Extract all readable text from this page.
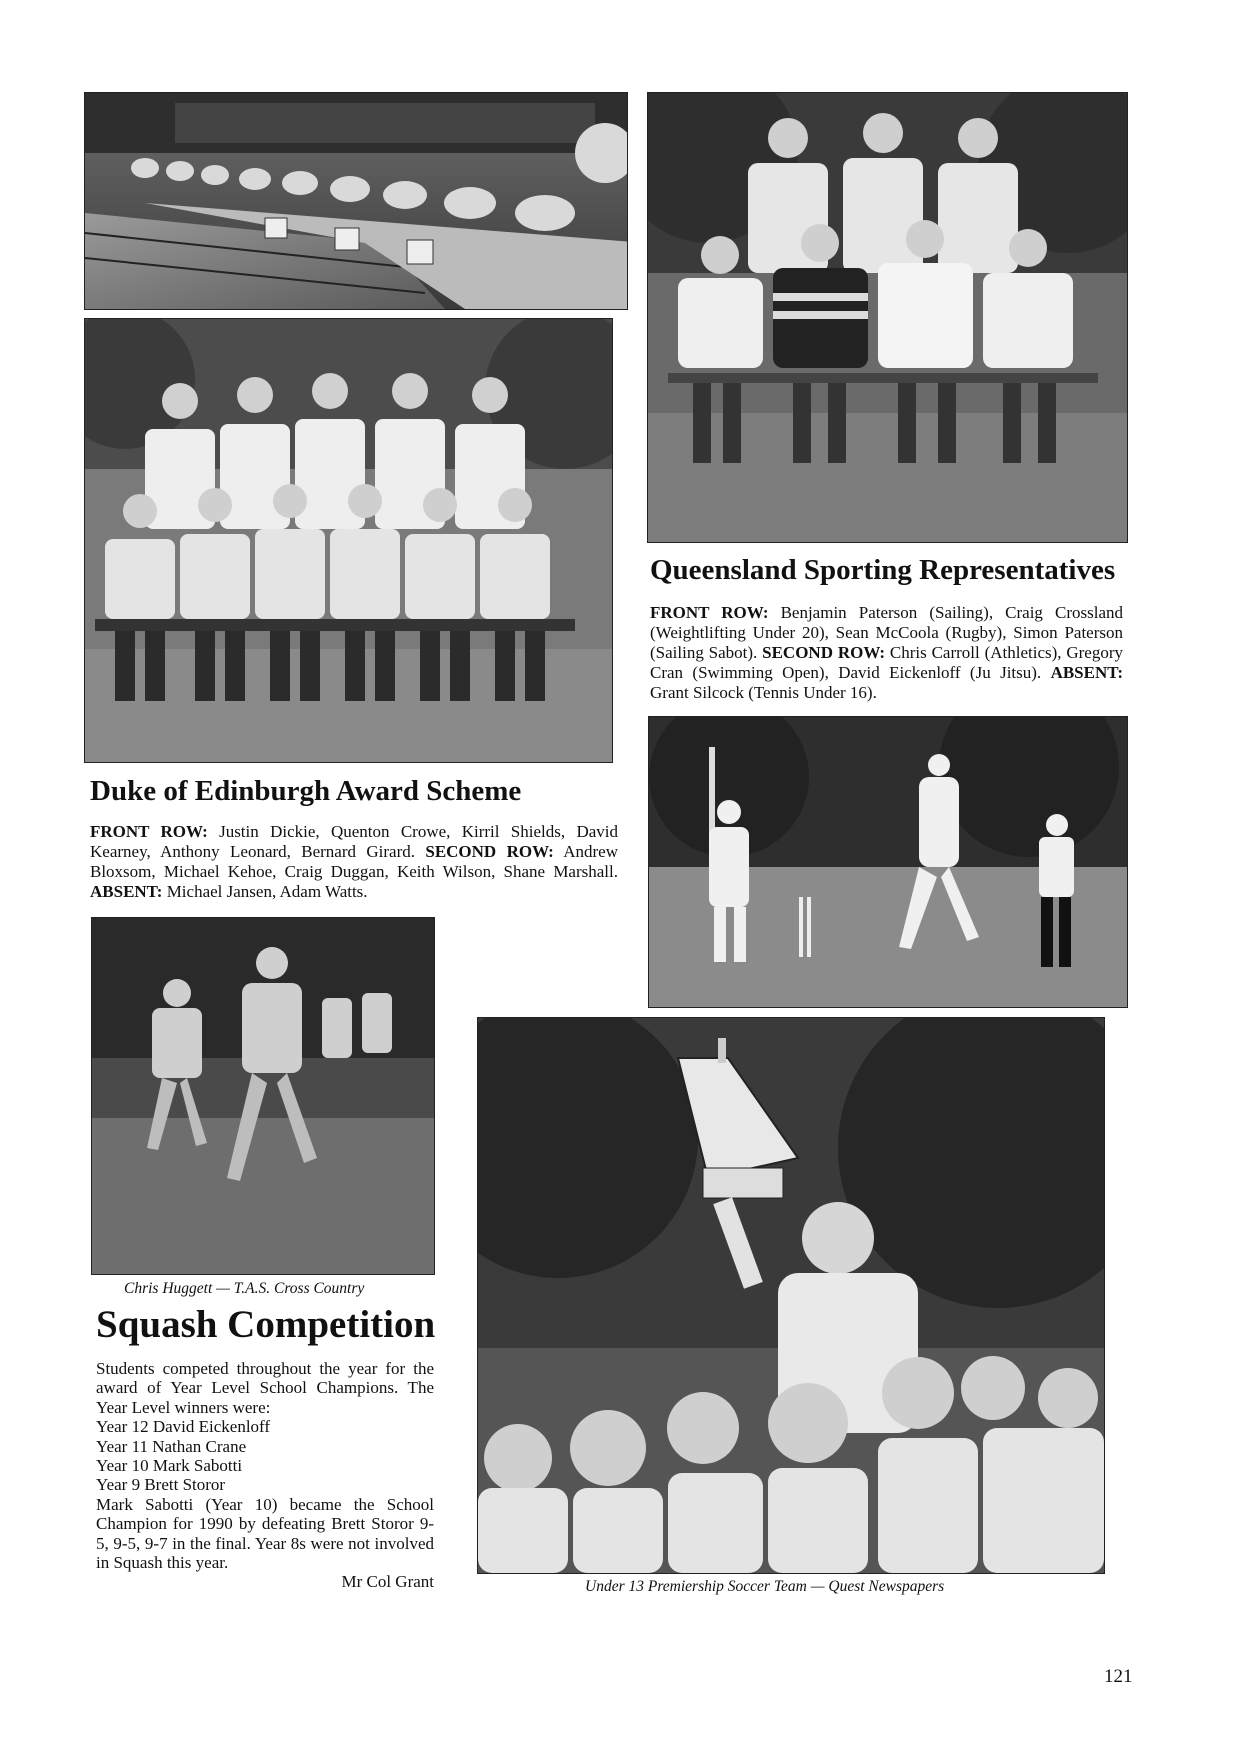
Queensland Sporting Representatives

FRONT ROW: Benjamin Paterson (Sailing), Craig Crossland (Weightlifting Under 20), Sean McCoola (Rugby), Simon Paterson (Sailing Sabot). SECOND ROW: Chris Carroll (Athletics), Gregory Cran (Swimming Open), David Eickenloff (Ju Jitsu). ABSENT: Grant Silcock (Tennis Under 16).

Duke of Edinburgh Award Scheme

FRONT ROW: Justin Dickie, Quenton Crowe, Kirril Shields, David Kearney, Anthony Leonard, Bernard Girard. SECOND ROW: Andrew Bloxsom, Michael Kehoe, Craig Duggan, Keith Wilson, Shane Marshall. ABSENT: Michael Jansen, Adam Watts.

Chris Huggett — T.A.S. Cross Country
Squash Competition
Students competed throughout the year for the award of Year Level School Champions. The Year Level winners were:
Year 12 David Eickenloff
Year 11 Nathan Crane
Year 10 Mark Sabotti
Year 9 Brett Storor
Mark Sabotti (Year 10) became the School Champion for 1990 by defeating Brett Storor 9-5, 9-5, 9-7 in the final. Year 8s were not involved in Squash this year.
Mr Col Grant	Under 13 Premiership Soccer Team — Quest Newspapers
121
